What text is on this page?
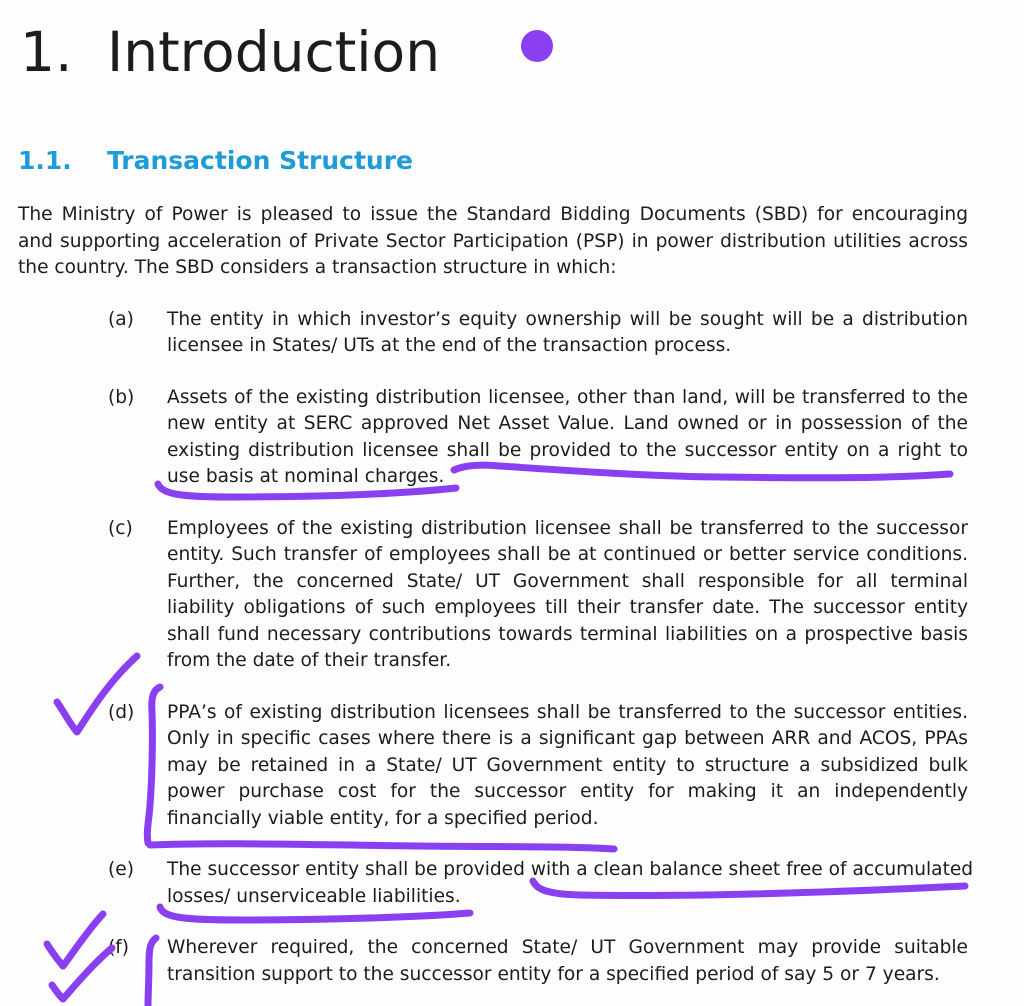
1. Introduction
1.1. Transaction Structure
The Ministry of Power is pleased to issue the Standard Bidding Documents (SBD) for encouraging
and supporting acceleration of Private Sector Participation (PSP) in power distribution utilities across
the country. The SBD considers a transaction structure in which:
(a)	The entity in which investor’s equity ownership will be sought will be a distribution
licensee in States/ UTs at the end of the transaction process.
(b)	Assets of the existing distribution licensee, other than land, will be transferred to the
new entity at SERC approved Net Asset Value. Land owned or in possession of the
existing distribution licensee shall be provided to the successor entity on a right to
use basis at nominal charges.
(c)	Employees of the existing distribution licensee shall be transferred to the successor
entity. Such transfer of employees shall be at continued or better service conditions.
Further, the concerned State/ UT Government shall responsible for all terminal
liability obligations of such employees till their transfer date. The successor entity
shall fund necessary contributions towards terminal liabilities on a prospective basis
from the date of their transfer.
(d)	PPA’s of existing distribution licensees shall be transferred to the successor entities.
Only in specific cases where there is a significant gap between ARR and ACOS, PPAs
may be retained in a State/ UT Government entity to structure a subsidized bulk
power purchase cost for the successor entity for making it an independently
financially viable entity, for a specified period.
(e)	The successor entity shall be provided with a clean balance sheet free of accumulated
losses/ unserviceable liabilities.
(f)	Wherever required, the concerned State/ UT Government may provide suitable
transition support to the successor entity for a specified period of say 5 or 7 years.
